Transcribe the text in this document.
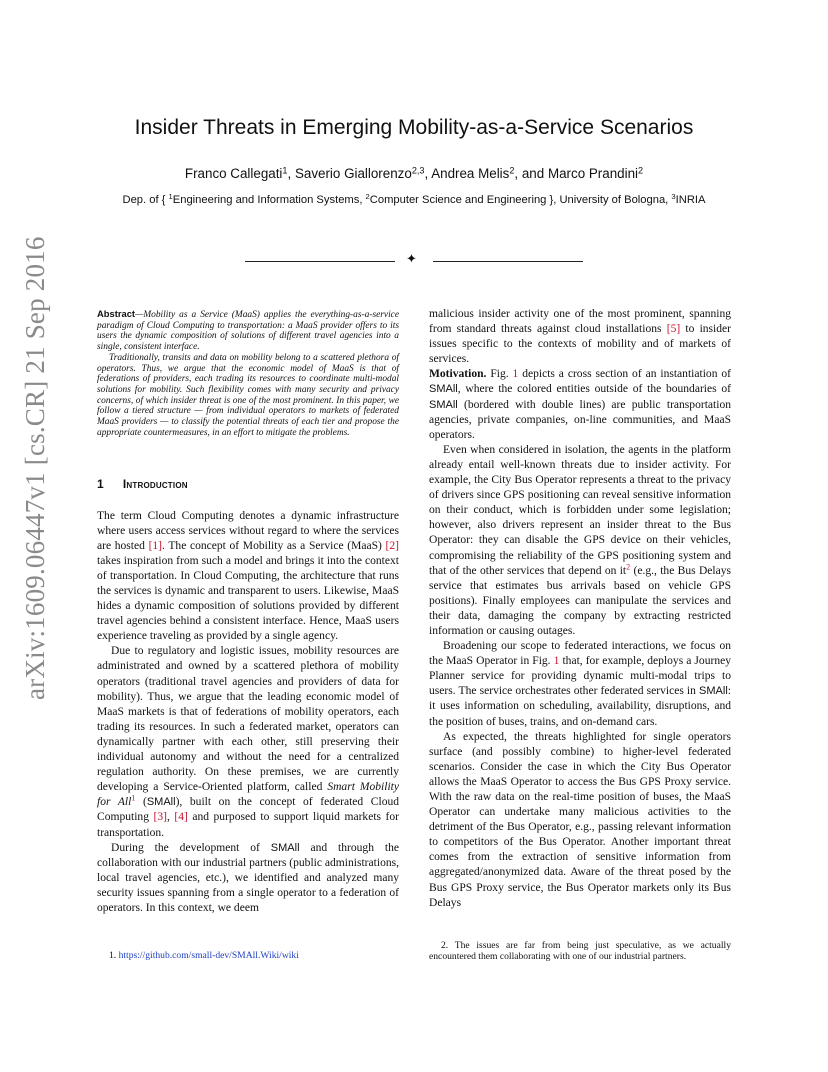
arXiv:1609.06447v1 [cs.CR] 21 Sep 2016
Insider Threats in Emerging Mobility-as-a-Service Scenarios
Franco Callegati$^1$, Saverio Giallorenzo$^{2,3}$, Andrea Melis$^2$, and Marco Prandini$^2$
Dep. of { $^1$Engineering and Information Systems, $^2$Computer Science and Engineering }, University of Bologna, $^3$INRIA
✦

Abstract—Mobility as a Service (MaaS) applies the everything-as-a-service paradigm of Cloud Computing to transportation: a MaaS provider offers to its users the dynamic composition of solutions of different travel agencies into a single, consistent interface.

Traditionally, transits and data on mobility belong to a scattered plethora of operators. Thus, we argue that the economic model of MaaS is that of federations of providers, each trading its resources to coordinate multi-modal solutions for mobility. Such flexibility comes with many security and privacy concerns, of which insider threat is one of the most prominent. In this paper, we follow a tiered structure — from individual operators to markets of federated MaaS providers — to classify the potential threats of each tier and propose the appropriate countermeasures, in an effort to mitigate the problems.

1 Introduction

The term Cloud Computing denotes a dynamic infrastructure where users access services without regard to where the services are hosted [1]. The concept of Mobility as a Service (MaaS) [2] takes inspiration from such a model and brings it into the context of transportation. In Cloud Computing, the architecture that runs the services is dynamic and transparent to users. Likewise, MaaS hides a dynamic composition of solutions provided by different travel agencies behind a consistent interface. Hence, MaaS users experience traveling as provided by a single agency.

Due to regulatory and logistic issues, mobility resources are administrated and owned by a scattered plethora of mobility operators (traditional travel agencies and providers of data for mobility). Thus, we argue that the leading economic model of MaaS markets is that of federations of mobility operators, each trading its resources. In such a federated market, operators can dynamically partner with each other, still preserving their individual autonomy and without the need for a centralized regulation authority. On these premises, we are currently developing a Service-Oriented platform, called Smart Mobility for All$^1$ (SMAll), built on the concept of federated Cloud Computing [3], [4] and purposed to support liquid markets for transportation.

During the development of SMAll and through the collaboration with our industrial partners (public administrations, local travel agencies, etc.), we identified and analyzed many security issues spanning from a single operator to a federation of operators. In this context, we deem

malicious insider activity one of the most prominent, spanning from standard threats against cloud installations [5] to insider issues specific to the contexts of mobility and of markets of services.

Motivation. Fig. 1 depicts a cross section of an instantiation of SMAll, where the colored entities outside of the boundaries of SMAll (bordered with double lines) are public transportation agencies, private companies, on-line communities, and MaaS operators.

Even when considered in isolation, the agents in the platform already entail well-known threats due to insider activity. For example, the City Bus Operator represents a threat to the privacy of drivers since GPS positioning can reveal sensitive information on their conduct, which is forbidden under some legislation; however, also drivers represent an insider threat to the Bus Operator: they can disable the GPS device on their vehicles, compromising the reliability of the GPS positioning system and that of the other services that depend on it$^2$ (e.g., the Bus Delays service that estimates bus arrivals based on vehicle GPS positions). Finally employees can manipulate the services and their data, damaging the company by extracting restricted information or causing outages.

Broadening our scope to federated interactions, we focus on the MaaS Operator in Fig. 1 that, for example, deploys a Journey Planner service for providing dynamic multi-modal trips to users. The service orchestrates other federated services in SMAll: it uses information on scheduling, availability, disruptions, and the position of buses, trains, and on-demand cars.

As expected, the threats highlighted for single operators surface (and possibly combine) to higher-level federated scenarios. Consider the case in which the City Bus Operator allows the MaaS Operator to access the Bus GPS Proxy service. With the raw data on the real-time position of buses, the MaaS Operator can undertake many malicious activities to the detriment of the Bus Operator, e.g., passing relevant information to competitors of the Bus Operator. Another important threat comes from the extraction of sensitive information from aggregated/anonymized data. Aware of the threat posed by the Bus GPS Proxy service, the Bus Operator markets only its Bus Delays

1. https://github.com/small-dev/SMAll.Wiki/wiki
2. The issues are far from being just speculative, as we actually encountered them collaborating with one of our industrial partners.
